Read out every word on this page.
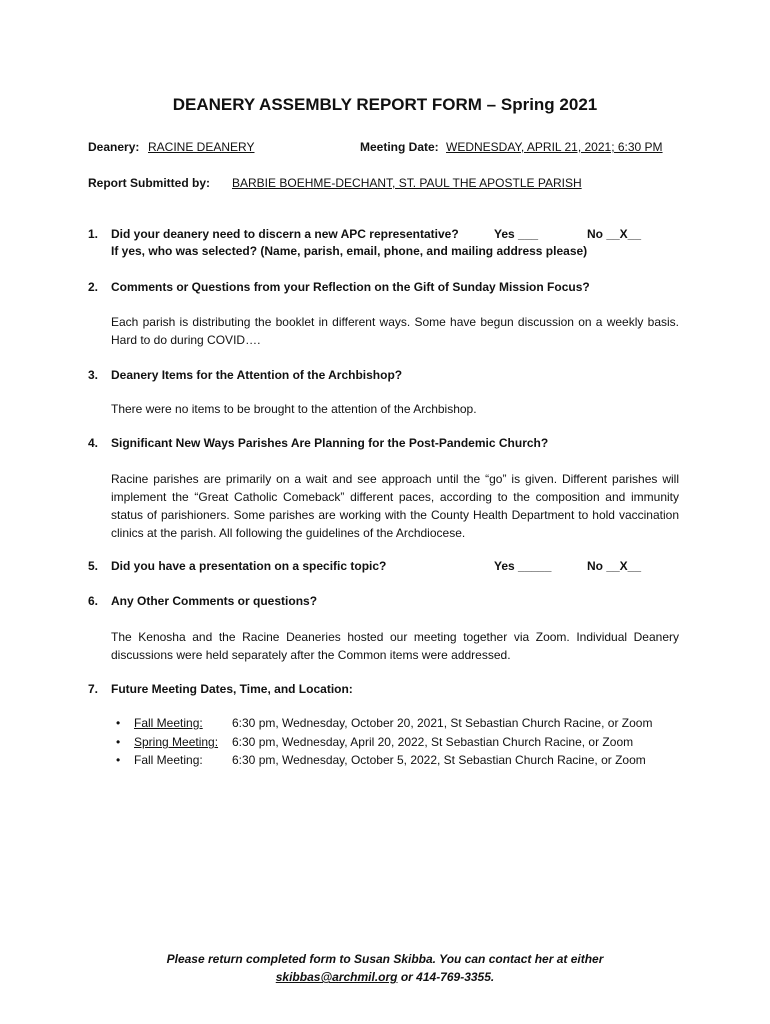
DEANERY ASSEMBLY REPORT FORM – Spring 2021
Deanery: RACINE DEANERY	Meeting Date: WEDNESDAY, APRIL 21, 2021; 6:30 PM
Report Submitted by: BARBIE BOEHME-DECHANT, ST. PAUL THE APOSTLE PARISH
1. Did your deanery need to discern a new APC representative?	Yes ___	No __X__
If yes, who was selected? (Name, parish, email, phone, and mailing address please)
2. Comments or Questions from your Reflection on the Gift of Sunday Mission Focus?
Each parish is distributing the booklet in different ways. Some have begun discussion on a weekly basis. Hard to do during COVID….
3. Deanery Items for the Attention of the Archbishop?
There were no items to be brought to the attention of the Archbishop.
4. Significant New Ways Parishes Are Planning for the Post-Pandemic Church?
Racine parishes are primarily on a wait and see approach until the “go” is given. Different parishes will implement the “Great Catholic Comeback” different paces, according to the composition and immunity status of parishioners. Some parishes are working with the County Health Department to hold vaccination clinics at the parish. All following the guidelines of the Archdiocese.
5. Did you have a presentation on a specific topic?	Yes _____	No __X__
6. Any Other Comments or questions?
The Kenosha and the Racine Deaneries hosted our meeting together via Zoom. Individual Deanery discussions were held separately after the Common items were addressed.
7. Future Meeting Dates, Time, and Location:
• Fall Meeting: 6:30 pm, Wednesday, October 20, 2021, St Sebastian Church Racine, or Zoom
• Spring Meeting: 6:30 pm, Wednesday, April 20, 2022, St Sebastian Church Racine, or Zoom
• Fall Meeting: 6:30 pm, Wednesday, October 5, 2022, St Sebastian Church Racine, or Zoom
Please return completed form to Susan Skibba. You can contact her at either
skibbas@archmil.org or 414-769-3355.
